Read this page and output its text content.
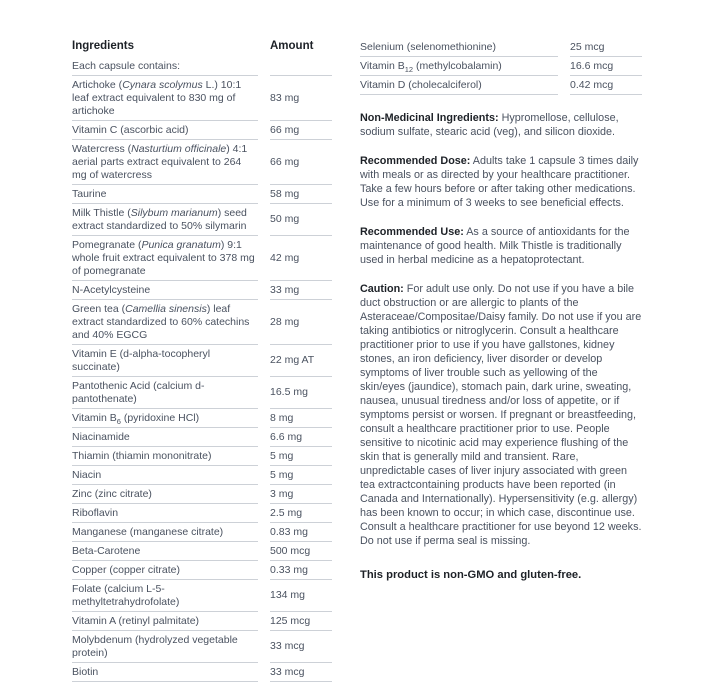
Ingredients		Amount
Each capsule contains:		
Artichoke (Cynara scolymus L.) 10:1 leaf extract equivalent to 830 mg of artichoke		83 mg
Vitamin C (ascorbic acid)		66 mg
Watercress (Nasturtium officinale) 4:1 aerial parts extract equivalent to 264 mg of watercress		66 mg
Taurine		58 mg
Milk Thistle (Silybum marianum) seed extract standardized to 50% silymarin		50 mg
Pomegranate (Punica granatum) 9:1 whole fruit extract equivalent to 378 mg of pomegranate		42 mg
N-Acetylcysteine		33 mg
Green tea (Camellia sinensis) leaf extract standardized to 60% catechins and 40% EGCG		28 mg
Vitamin E (d-alpha-tocopheryl succinate)		22 mg AT
Pantothenic Acid (calcium d-pantothenate)		16.5 mg
Vitamin $B_6$ (pyridoxine HCl)		8 mg
Niacinamide		6.6 mg
Thiamin (thiamin mononitrate)		5 mg
Niacin		5 mg
Zinc (zinc citrate)		3 mg
Riboflavin		2.5 mg
Manganese (manganese citrate)		0.83 mg
Beta-Carotene		500 mcg
Copper (copper citrate)		0.33 mg
Folate (calcium L-5-methyltetrahydrofolate)		134 mg
Vitamin A (retinyl palmitate)		125 mcg
Molybdenum (hydrolyzed vegetable protein)		33 mcg
Biotin		33 mcg
Selenium (selenomethionine)		25 mcg
Vitamin $B_{12}$ (methylcobalamin)		16.6 mcg
Vitamin D (cholecalciferol)		0.42 mcg

Non-Medicinal Ingredients: Hypromellose, cellulose, sodium sulfate, stearic acid (veg), and silicon dioxide.

Recommended Dose: Adults take 1 capsule 3 times daily with meals or as directed by your healthcare practitioner. Take a few hours before or after taking other medications. Use for a minimum of 3 weeks to see beneficial effects.

Recommended Use: As a source of antioxidants for the maintenance of good health. Milk Thistle is traditionally used in herbal medicine as a hepatoprotectant.

Caution: For adult use only. Do not use if you have a bile duct obstruction or are allergic to plants of the Asteraceae/Compositae/Daisy family. Do not use if you are taking antibiotics or nitroglycerin. Consult a healthcare practitioner prior to use if you have gallstones, kidney stones, an iron deficiency, liver disorder or develop symptoms of liver trouble such as yellowing of the skin/eyes (jaundice), stomach pain, dark urine, sweating, nausea, unusual tiredness and/or loss of appetite, or if symptoms persist or worsen. If pregnant or breastfeeding, consult a healthcare practitioner prior to use. People sensitive to nicotinic acid may experience flushing of the skin that is generally mild and transient. Rare, unpredictable cases of liver injury associated with green tea extractcontaining products have been reported (in Canada and Internationally). Hypersensitivity (e.g. allergy) has been known to occur; in which case, discontinue use. Consult a healthcare practitioner for use beyond 12 weeks. Do not use if perma seal is missing.

This product is non-GMO and gluten-free.
